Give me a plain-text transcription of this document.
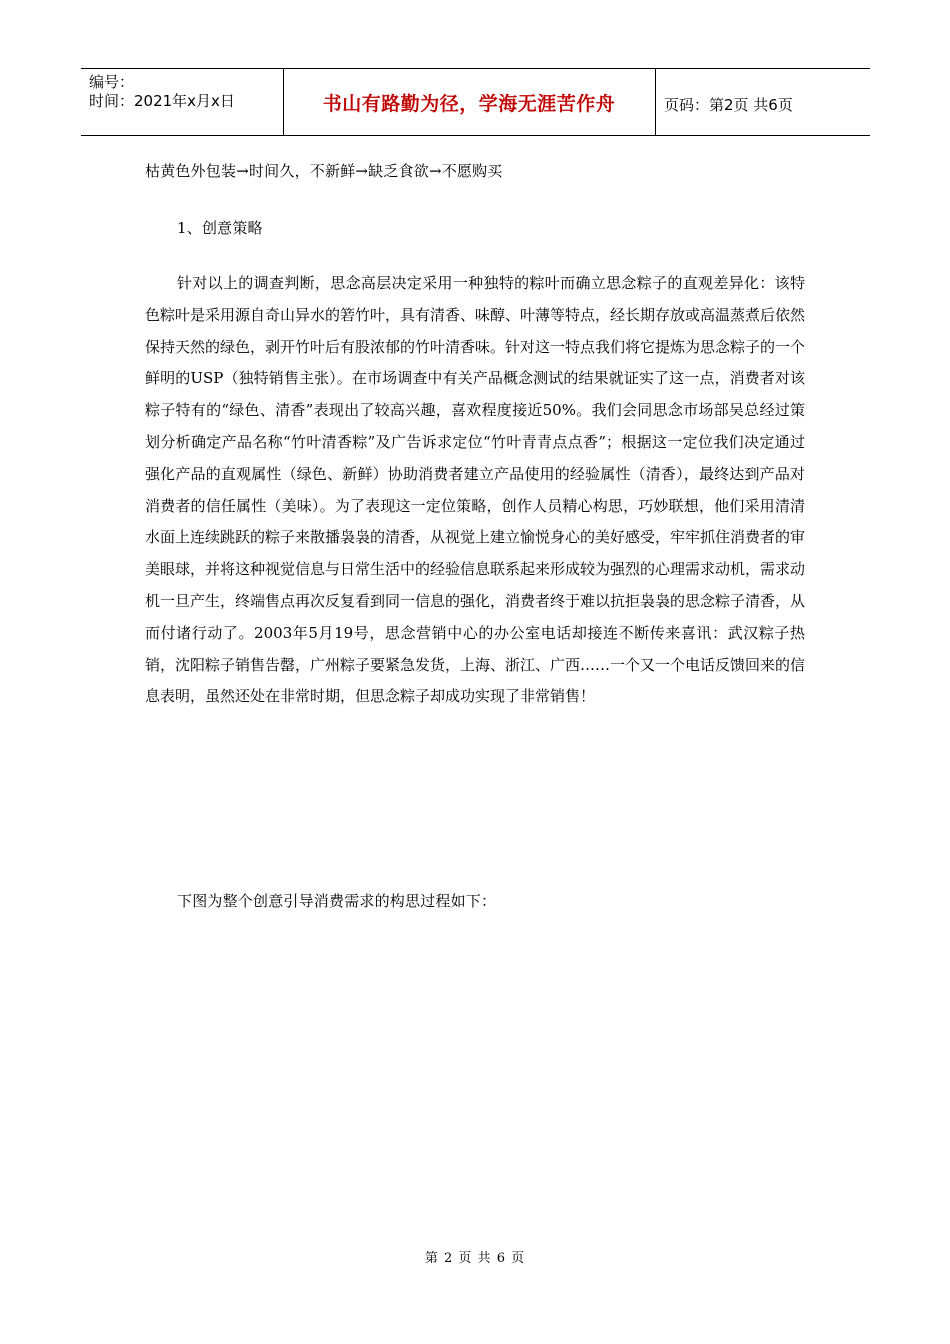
编号：
时间：2021年x月x日	书山有路勤为径，学海无涯苦作舟	页码：第2页 共6页
枯黄色外包装→时间久，不新鲜→缺乏食欲→不愿购买
1、创意策略
针对以上的调查判断，思念高层决定采用一种独特的粽叶而确立思念粽子的直观差异化：该特色粽叶是采用源自奇山异水的箬竹叶，具有清香、味醇、叶薄等特点，经长期存放或高温蒸煮后依然保持天然的绿色，剥开竹叶后有股浓郁的竹叶清香味。针对这一特点我们将它提炼为思念粽子的一个鲜明的USP（独特销售主张）。在市场调查中有关产品概念测试的结果就证实了这一点，消费者对该粽子特有的“绿色、清香”表现出了较高兴趣，喜欢程度接近50%。我们会同思念市场部吴总经过策划分析确定产品名称“竹叶清香粽”及广告诉求定位“竹叶青青点点香”；根据这一定位我们决定通过强化产品的直观属性（绿色、新鲜）协助消费者建立产品使用的经验属性（清香），最终达到产品对消费者的信任属性（美味）。为了表现这一定位策略，创作人员精心构思，巧妙联想，他们采用清清水面上连续跳跃的粽子来散播袅袅的清香，从视觉上建立愉悦身心的美好感受，牢牢抓住消费者的审美眼球，并将这种视觉信息与日常生活中的经验信息联系起来形成较为强烈的心理需求动机，需求动机一旦产生，终端售点再次反复看到同一信息的强化，消费者终于难以抗拒袅袅的思念粽子清香，从而付诸行动了。2003年5月19号，思念营销中心的办公室电话却接连不断传来喜讯：武汉粽子热销，沈阳粽子销售告罄，广州粽子要紧急发货，上海、浙江、广西……一个又一个电话反馈回来的信息表明，虽然还处在非常时期，但思念粽子却成功实现了非常销售！
下图为整个创意引导消费需求的构思过程如下：
第 2 页 共 6 页
